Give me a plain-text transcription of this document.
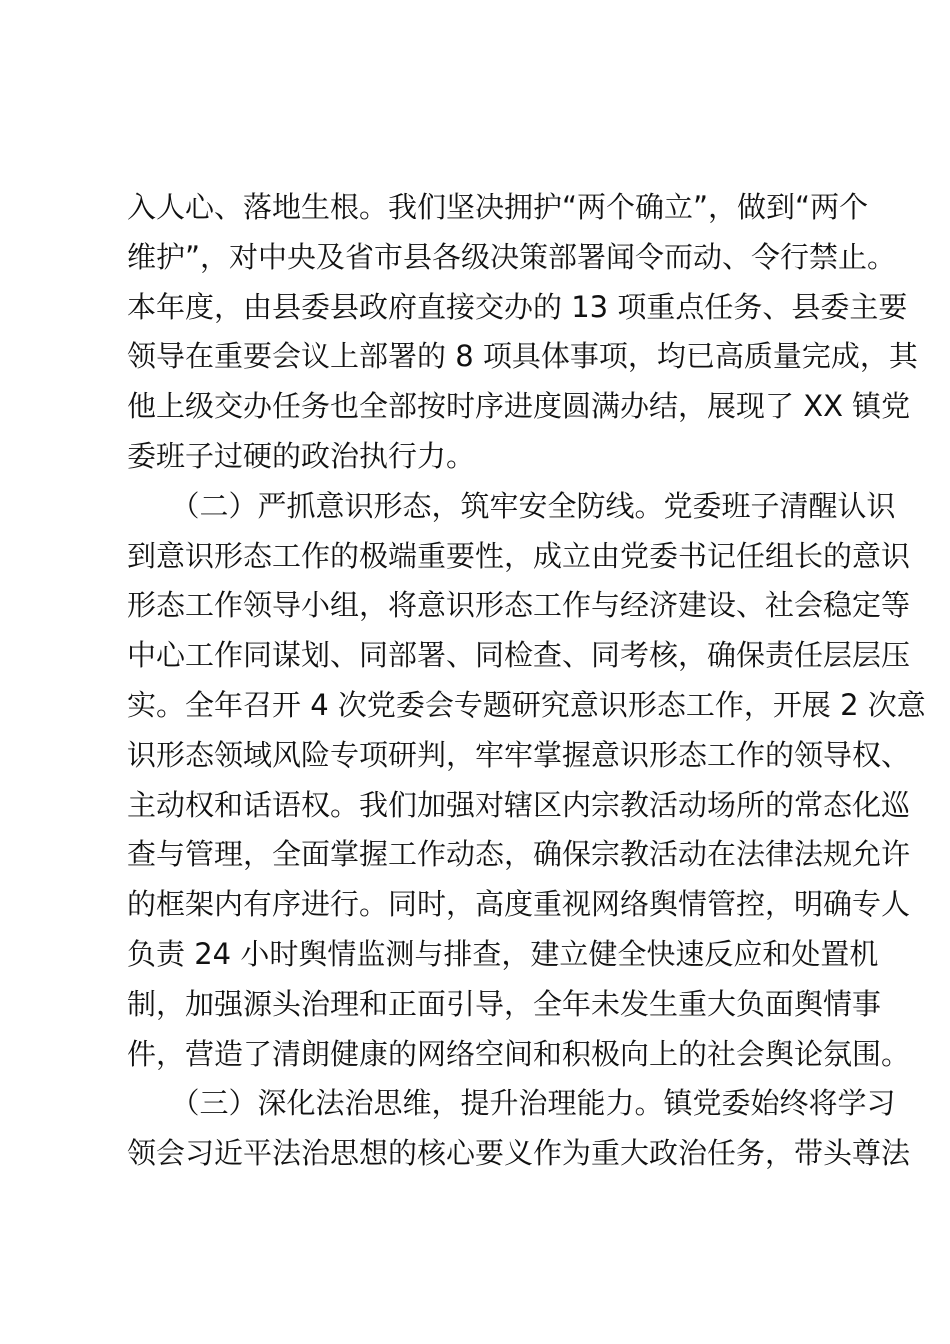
入人心、落地生根。我们坚决拥护“两个确立”，做到“两个
维护”，对中央及省市县各级决策部署闻令而动、令行禁止。
本年度，由县委县政府直接交办的 13 项重点任务、县委主要
领导在重要会议上部署的 8 项具体事项，均已高质量完成，其
他上级交办任务也全部按时序进度圆满办结，展现了 XX 镇党
委班子过硬的政治执行力。
　　（二）严抓意识形态，筑牢安全防线。党委班子清醒认识
到意识形态工作的极端重要性，成立由党委书记任组长的意识
形态工作领导小组，将意识形态工作与经济建设、社会稳定等
中心工作同谋划、同部署、同检查、同考核，确保责任层层压
实。全年召开 4 次党委会专题研究意识形态工作，开展 2 次意
识形态领域风险专项研判，牢牢掌握意识形态工作的领导权、
主动权和话语权。我们加强对辖区内宗教活动场所的常态化巡
查与管理，全面掌握工作动态，确保宗教活动在法律法规允许
的框架内有序进行。同时，高度重视网络舆情管控，明确专人
负责 24 小时舆情监测与排查，建立健全快速反应和处置机
制，加强源头治理和正面引导，全年未发生重大负面舆情事
件，营造了清朗健康的网络空间和积极向上的社会舆论氛围。
　　（三）深化法治思维，提升治理能力。镇党委始终将学习
领会习近平法治思想的核心要义作为重大政治任务，带头尊法
